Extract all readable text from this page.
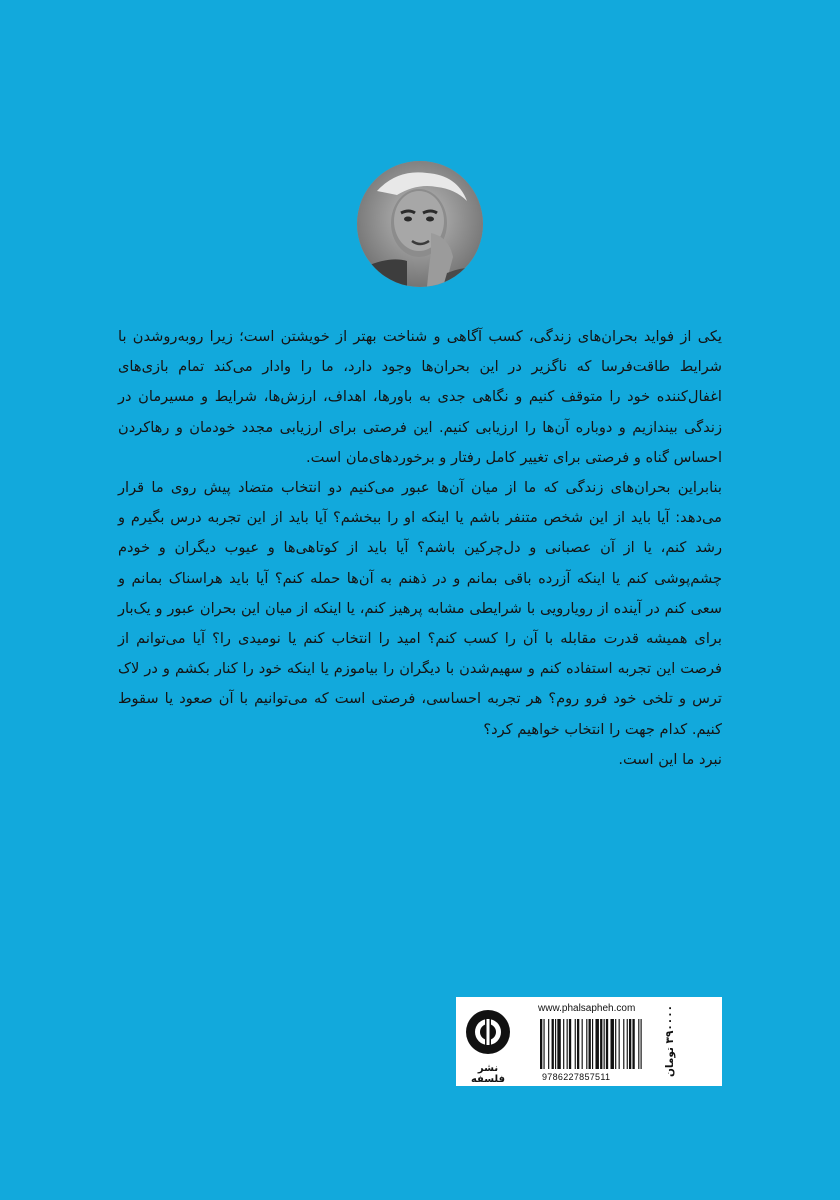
یکی از فواید بحران‌های زندگی، کسب آگاهی و شناخت بهتر از خویشتن است؛ زیرا روبه‌روشدن با شرایط طاقت‌فرسا که ناگزیر در این بحران‌ها وجود دارد، ما را وادار می‌کند تمام بازی‌های اغفال‌کننده خود را متوقف کنیم و نگاهی جدی به باورها، اهداف، ارزش‌ها، شرایط و مسیرمان در زندگی بیندازیم و دوباره آن‌ها را ارزیابی کنیم. این فرصتی برای ارزیابی مجدد خودمان و رهاکردن احساس گناه و فرصتی برای تغییر کامل رفتار و برخوردهای‌مان است.

بنابراین بحران‌های زندگی که ما از میان آن‌ها عبور می‌کنیم دو انتخاب متضاد پیش روی ما قرار می‌دهد: آیا باید از این شخص متنفر باشم یا اینکه او را ببخشم؟ آیا باید از این تجربه درس بگیرم و رشد کنم، یا از آن عصبانی و دل‌چرکین باشم؟ آیا باید از کوتاهی‌ها و عیوب دیگران و خودم چشم‌پوشی کنم یا اینکه آزرده باقی بمانم و در ذهنم به آن‌ها حمله کنم؟ آیا باید هراسناک بمانم و سعی کنم در آینده از رویارویی با شرایطی مشابه پرهیز کنم، یا اینکه از میان این بحران عبور و یک‌بار برای همیشه قدرت مقابله با آن را کسب کنم؟ امید را انتخاب کنم یا نومیدی را؟ آیا می‌توانم از فرصت این تجربه استفاده کنم و سهیم‌شدن با دیگران را بیاموزم یا اینکه خود را کنار بکشم و در لاک ترس و تلخی خود فرو روم؟ هر تجربه احساسی، فرصتی است که می‌توانیم با آن صعود یا سقوط کنیم. کدام جهت را انتخاب خواهیم کرد؟

نبرد ما این است.

نشر فلسفه
www.phalsapheh.com
9786227857511	۳۹۰۰۰۰ تومان
